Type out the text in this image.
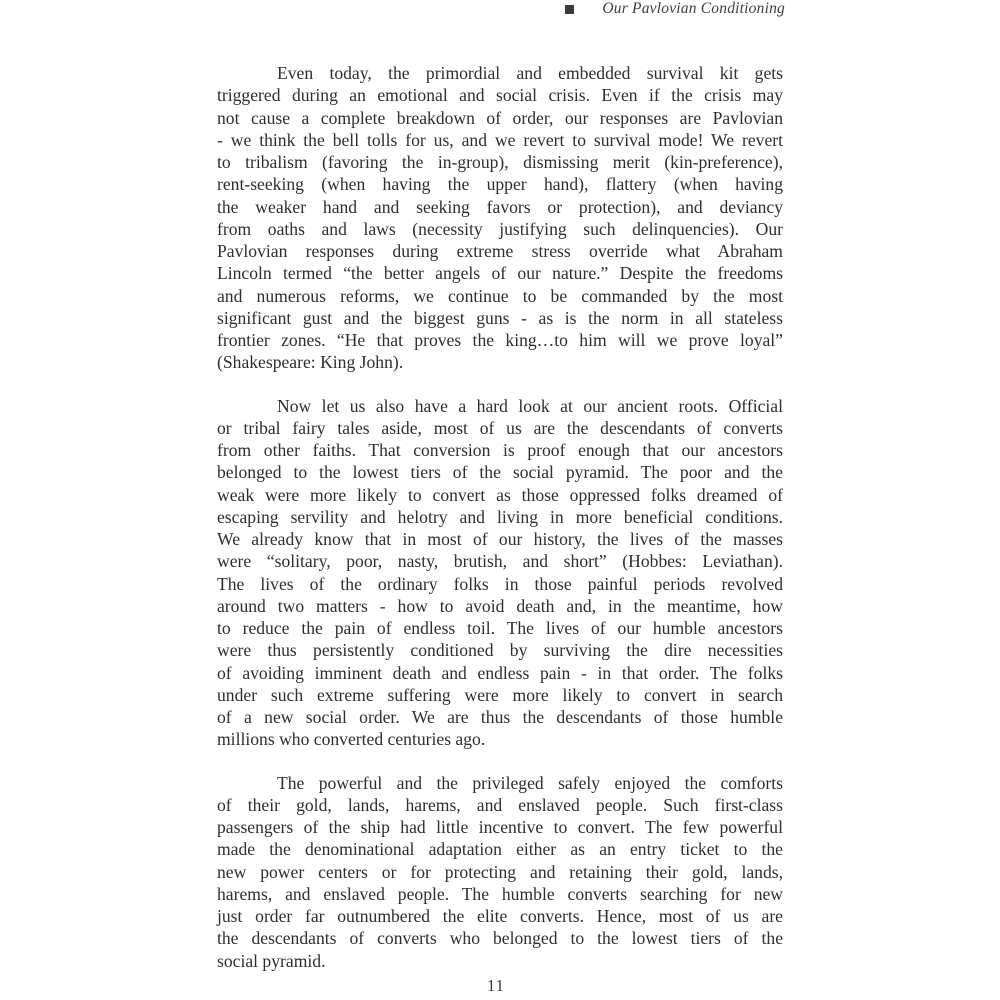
Our Pavlovian Conditioning
Even today, the primordial and embedded survival kit gets
triggered during an emotional and social crisis. Even if the crisis may
not cause a complete breakdown of order, our responses are Pavlovian
- we think the bell tolls for us, and we revert to survival mode! We revert
to tribalism (favoring the in-group), dismissing merit (kin-preference),
rent-seeking (when having the upper hand), flattery (when having
the weaker hand and seeking favors or protection), and deviancy
from oaths and laws (necessity justifying such delinquencies). Our
Pavlovian responses during extreme stress override what Abraham
Lincoln termed “the better angels of our nature.” Despite the freedoms
and numerous reforms, we continue to be commanded by the most
significant gust and the biggest guns - as is the norm in all stateless
frontier zones. “He that proves the king…to him will we prove loyal”
(Shakespeare: King John).
Now let us also have a hard look at our ancient roots. Official
or tribal fairy tales aside, most of us are the descendants of converts
from other faiths. That conversion is proof enough that our ancestors
belonged to the lowest tiers of the social pyramid. The poor and the
weak were more likely to convert as those oppressed folks dreamed of
escaping servility and helotry and living in more beneficial conditions.
We already know that in most of our history, the lives of the masses
were “solitary, poor, nasty, brutish, and short” (Hobbes: Leviathan).
The lives of the ordinary folks in those painful periods revolved
around two matters - how to avoid death and, in the meantime, how
to reduce the pain of endless toil. The lives of our humble ancestors
were thus persistently conditioned by surviving the dire necessities
of avoiding imminent death and endless pain - in that order. The folks
under such extreme suffering were more likely to convert in search
of a new social order. We are thus the descendants of those humble
millions who converted centuries ago.
The powerful and the privileged safely enjoyed the comforts
of their gold, lands, harems, and enslaved people. Such first-class
passengers of the ship had little incentive to convert. The few powerful
made the denominational adaptation either as an entry ticket to the
new power centers or for protecting and retaining their gold, lands,
harems, and enslaved people. The humble converts searching for new
just order far outnumbered the elite converts. Hence, most of us are
the descendants of converts who belonged to the lowest tiers of the
social pyramid.
11
